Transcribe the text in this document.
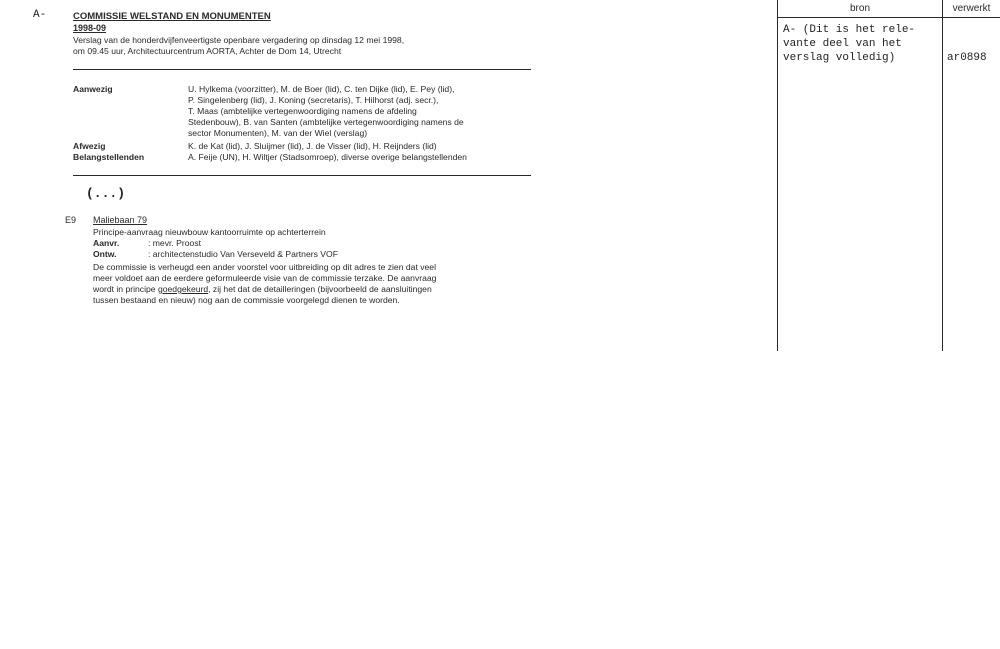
A-	COMMISSIE WELSTAND EN MONUMENTEN
1998-09
Verslag van de honderdvijfenveertigste openbare vergadering op dinsdag 12 mei 1998,
om 09.45 uur, Architectuurcentrum AORTA, Achter de Dom 14, Utrecht
Aanwezig	U. Hylkema (voorzitter), M. de Boer (lid), C. ten Dijke (lid), E. Pey (lid),
P. Singelenberg (lid), J. Koning (secretaris), T. Hilhorst (adj. secr.),
T. Maas (ambtelijke vertegenwoordiging namens de afdeling
Stedenbouw), B. van Santen (ambtelijke vertegenwoordiging namens de
sector Monumenten), M. van der Wiel (verslag)
Afwezig	K. de Kat (lid), J. Sluijmer (lid), J. de Visser (lid), H. Reijnders (lid)
Belangstellenden	A. Feije (UN), H. Wiltjer (Stadsomroep), diverse overige belangstellenden
(...)
E9 Maliebaan 79
Principe-aanvraag nieuwbouw kantoorruimte op achterterrein
Aanvr.	: mevr. Proost
Ontw.	: architectenstudio Van Verseveld & Partners VOF
De commissie is verheugd een ander voorstel voor uitbreiding op dit adres te zien dat veel
meer voldoet aan de eerdere geformuleerde visie van de commissie terzake. De aanvraag
wordt in principe goedgekeurd, zij het dat de detailleringen (bijvoorbeeld de aansluitingen
tussen bestaand en nieuw) nog aan de commissie voorgelegd dienen te worden.
bron	verwerkt
A- (Dit is het rele-
vante deel van het
verslag volledig)	ar0898
